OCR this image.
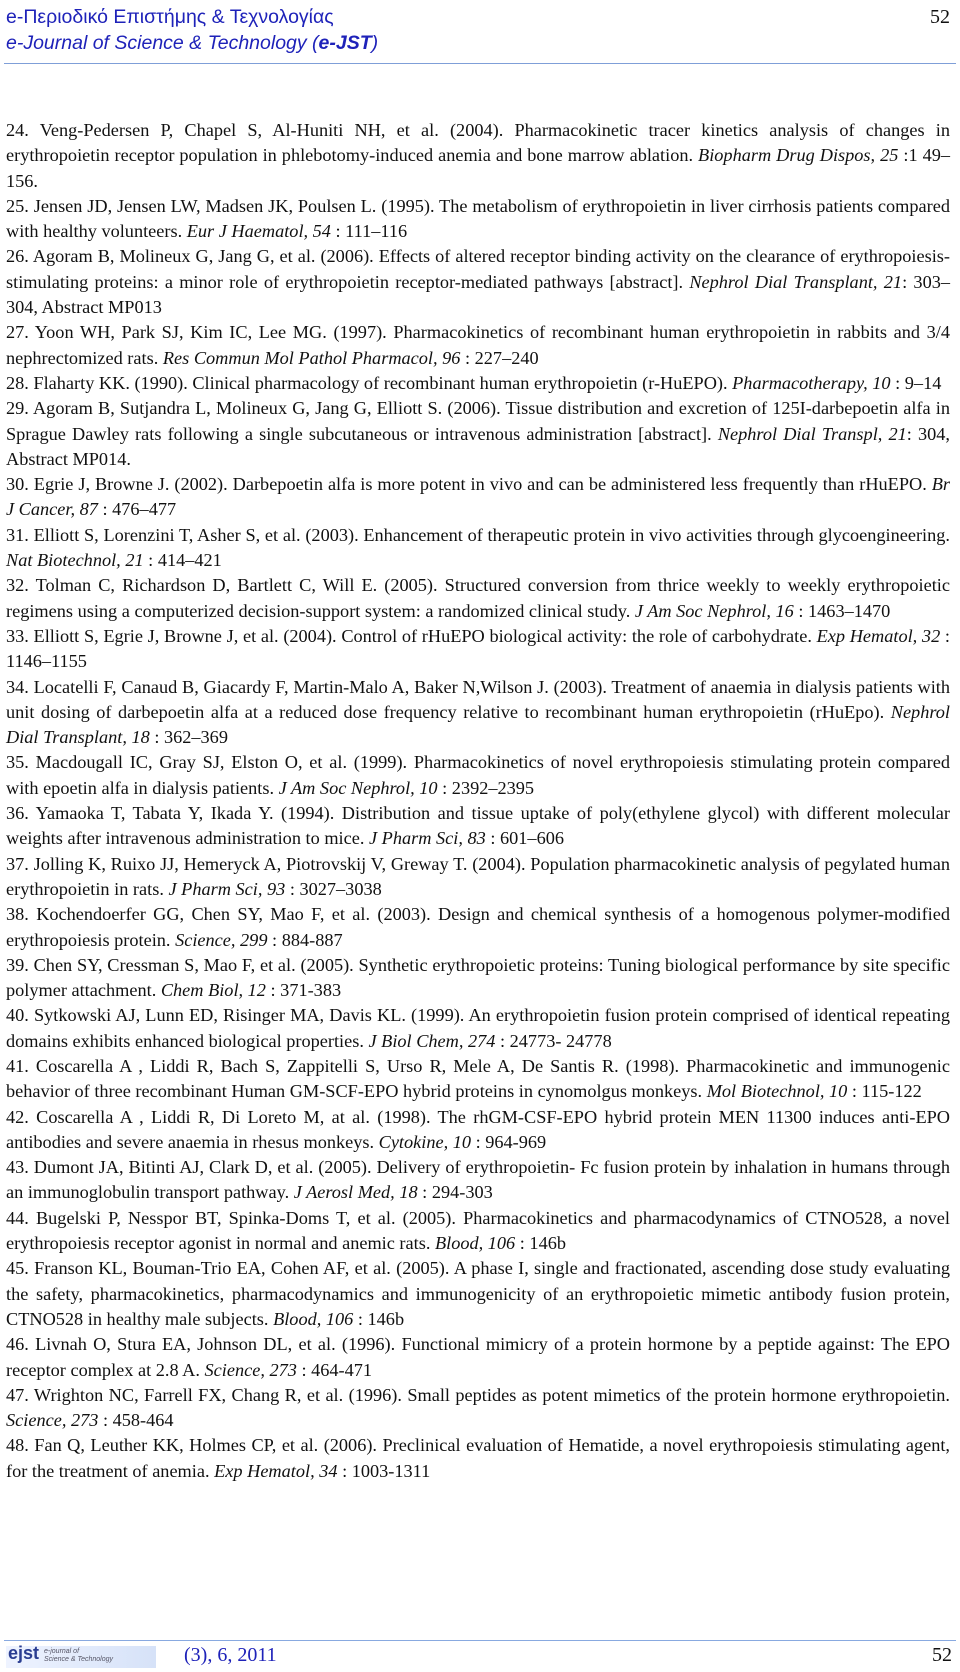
e-Περιοδικό Επιστήμης & Τεχνολογίας
e-Journal of Science & Technology (e-JST)
52

24. Veng-Pedersen P, Chapel S, Al-Huniti NH, et al. (2004). Pharmacokinetic tracer kinetics analysis of changes in erythropoietin receptor population in phlebotomy-induced anemia and bone marrow ablation. Biopharm Drug Dispos, 25 :1 49–156.

25. Jensen JD, Jensen LW, Madsen JK, Poulsen L. (1995). The metabolism of erythropoietin in liver cirrhosis patients compared with healthy volunteers. Eur J Haematol, 54 : 111–116

26. Agoram B, Molineux G, Jang G, et al. (2006). Effects of altered receptor binding activity on the clearance of erythropoiesis-stimulating proteins: a minor role of erythropoietin receptor-mediated pathways [abstract]. Nephrol Dial Transplant, 21: 303–304, Abstract MP013

27. Yoon WH, Park SJ, Kim IC, Lee MG. (1997). Pharmacokinetics of recombinant human erythropoietin in rabbits and 3/4 nephrectomized rats. Res Commun Mol Pathol Pharmacol, 96 : 227–240

28. Flaharty KK. (1990). Clinical pharmacology of recombinant human erythropoietin (r-HuEPO). Pharmacotherapy, 10 : 9–14

29. Agoram B, Sutjandra L, Molineux G, Jang G, Elliott S. (2006). Tissue distribution and excretion of 125I-darbepoetin alfa in Sprague Dawley rats following a single subcutaneous or intravenous administration [abstract]. Nephrol Dial Transpl, 21: 304, Abstract MP014.

30. Egrie J, Browne J. (2002). Darbepoetin alfa is more potent in vivo and can be administered less frequently than rHuEPO. Br J Cancer, 87 : 476–477

31. Elliott S, Lorenzini T, Asher S, et al. (2003). Enhancement of therapeutic protein in vivo activities through glycoengineering. Nat Biotechnol, 21 : 414–421

32. Tolman C, Richardson D, Bartlett C, Will E. (2005). Structured conversion from thrice weekly to weekly erythropoietic regimens using a computerized decision-support system: a randomized clinical study. J Am Soc Nephrol, 16 : 1463–1470

33. Elliott S, Egrie J, Browne J, et al. (2004). Control of rHuEPO biological activity: the role of carbohydrate. Exp Hematol, 32 : 1146–1155

34. Locatelli F, Canaud B, Giacardy F, Martin-Malo A, Baker N,Wilson J. (2003). Treatment of anaemia in dialysis patients with unit dosing of darbepoetin alfa at a reduced dose frequency relative to recombinant human erythropoietin (rHuEpo). Nephrol Dial Transplant, 18 : 362–369

35. Macdougall IC, Gray SJ, Elston O, et al. (1999). Pharmacokinetics of novel erythropoiesis stimulating protein compared with epoetin alfa in dialysis patients. J Am Soc Nephrol, 10 : 2392–2395

36. Yamaoka T, Tabata Y, Ikada Y. (1994). Distribution and tissue uptake of poly(ethylene glycol) with different molecular weights after intravenous administration to mice. J Pharm Sci, 83 : 601–606

37. Jolling K, Ruixo JJ, Hemeryck A, Piotrovskij V, Greway T. (2004). Population pharmacokinetic analysis of pegylated human erythropoietin in rats. J Pharm Sci, 93 : 3027–3038

38. Kochendoerfer GG, Chen SY, Mao F, et al. (2003). Design and chemical synthesis of a homogenous polymer-modified erythropoiesis protein. Science, 299 : 884-887

39. Chen SY, Cressman S, Mao F, et al. (2005). Synthetic erythropoietic proteins: Tuning biological performance by site specific polymer attachment. Chem Biol, 12 : 371-383

40. Sytkowski AJ, Lunn ED, Risinger MA, Davis KL. (1999). An erythropoietin fusion protein comprised of identical repeating domains exhibits enhanced biological properties. J Biol Chem, 274 : 24773- 24778

41. Coscarella A , Liddi R, Bach S, Zappitelli S, Urso R, Mele A, De Santis R. (1998). Pharmacokinetic and immunogenic behavior of three recombinant Human GM-SCF-EPO hybrid proteins in cynomolgus monkeys. Mol Biotechnol, 10 : 115-122

42. Coscarella A , Liddi R, Di Loreto M, at al. (1998). The rhGM-CSF-EPO hybrid protein MEN 11300 induces anti-EPO antibodies and severe anaemia in rhesus monkeys. Cytokine, 10 : 964-969

43. Dumont JA, Bitinti AJ, Clark D, et al. (2005). Delivery of erythropoietin- Fc fusion protein by inhalation in humans through an immunoglobulin transport pathway. J Aerosl Med, 18 : 294-303

44. Bugelski P, Nesspor BT, Spinka-Doms T, et al. (2005). Pharmacokinetics and pharmacodynamics of CTNO528, a novel erythropoiesis receptor agonist in normal and anemic rats. Blood, 106 : 146b

45. Franson KL, Bouman-Trio EA, Cohen AF, et al. (2005). A phase I, single and fractionated, ascending dose study evaluating the safety, pharmacokinetics, pharmacodynamics and immunogenicity of an erythropoietic mimetic antibody fusion protein, CTNO528 in healthy male subjects. Blood, 106 : 146b

46. Livnah O, Stura EA, Johnson DL, et al. (1996). Functional mimicry of a protein hormone by a peptide against: The EPO receptor complex at 2.8 A. Science, 273 : 464-471

47. Wrighton NC, Farrell FX, Chang R, et al. (1996). Small peptides as potent mimetics of the protein hormone erythropoietin. Science, 273 : 458-464

48. Fan Q, Leuther KK, Holmes CP, et al. (2006). Preclinical evaluation of Hematide, a novel erythropoiesis stimulating agent, for the treatment of anemia. Exp Hematol, 34 : 1003-1311

ejst e-journal of
Science & Technology	(3), 6, 2011	52
